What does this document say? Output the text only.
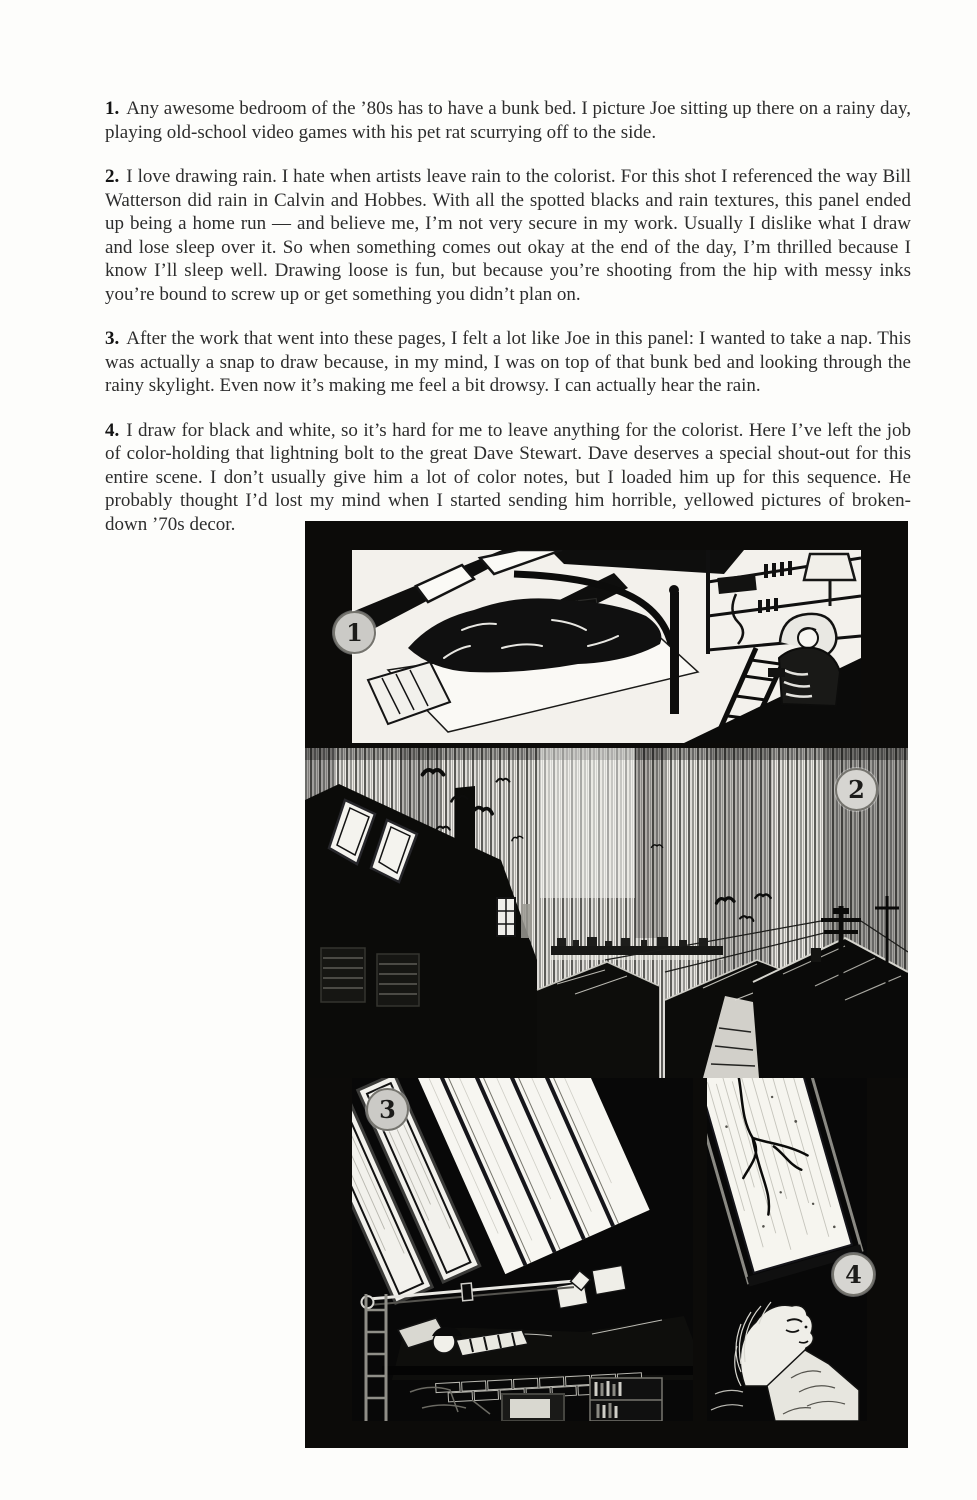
1. Any awesome bedroom of the ’80s has to have a bunk bed. I picture Joe sitting up there on a rainy day, playing old-school video games with his pet rat scurrying off to the side.

2. I love drawing rain. I hate when artists leave rain to the colorist. For this shot I referenced the way Bill Watterson did rain in Calvin and Hobbes. With all the spotted blacks and rain textures, this panel ended up being a home run — and believe me, I’m not very secure in my work. Usually I dislike what I draw and lose sleep over it. So when something comes out okay at the end of the day, I’m thrilled because I know I’ll sleep well. Drawing loose is fun, but because you’re shooting from the hip with messy inks you’re bound to screw up or get something you didn’t plan on.

3. After the work that went into these pages, I felt a lot like Joe in this panel: I wanted to take a nap. This was actually a snap to draw because, in my mind, I was on top of that bunk bed and looking through the rainy skylight. Even now it’s making me feel a bit drowsy. I can actually hear the rain.

4. I draw for black and white, so it’s hard for me to leave anything for the colorist. Here I’ve left the job of color-holding that lightning bolt to the great Dave Stewart. Dave deserves a special shout-out for this entire scene. I don’t usually give him a lot of color notes, but I loaded him up for this sequence. He probably thought I’d lost my mind when I started sending him horrible, yellowed pictures of broken-down ’70s decor.

1
2
3
4
